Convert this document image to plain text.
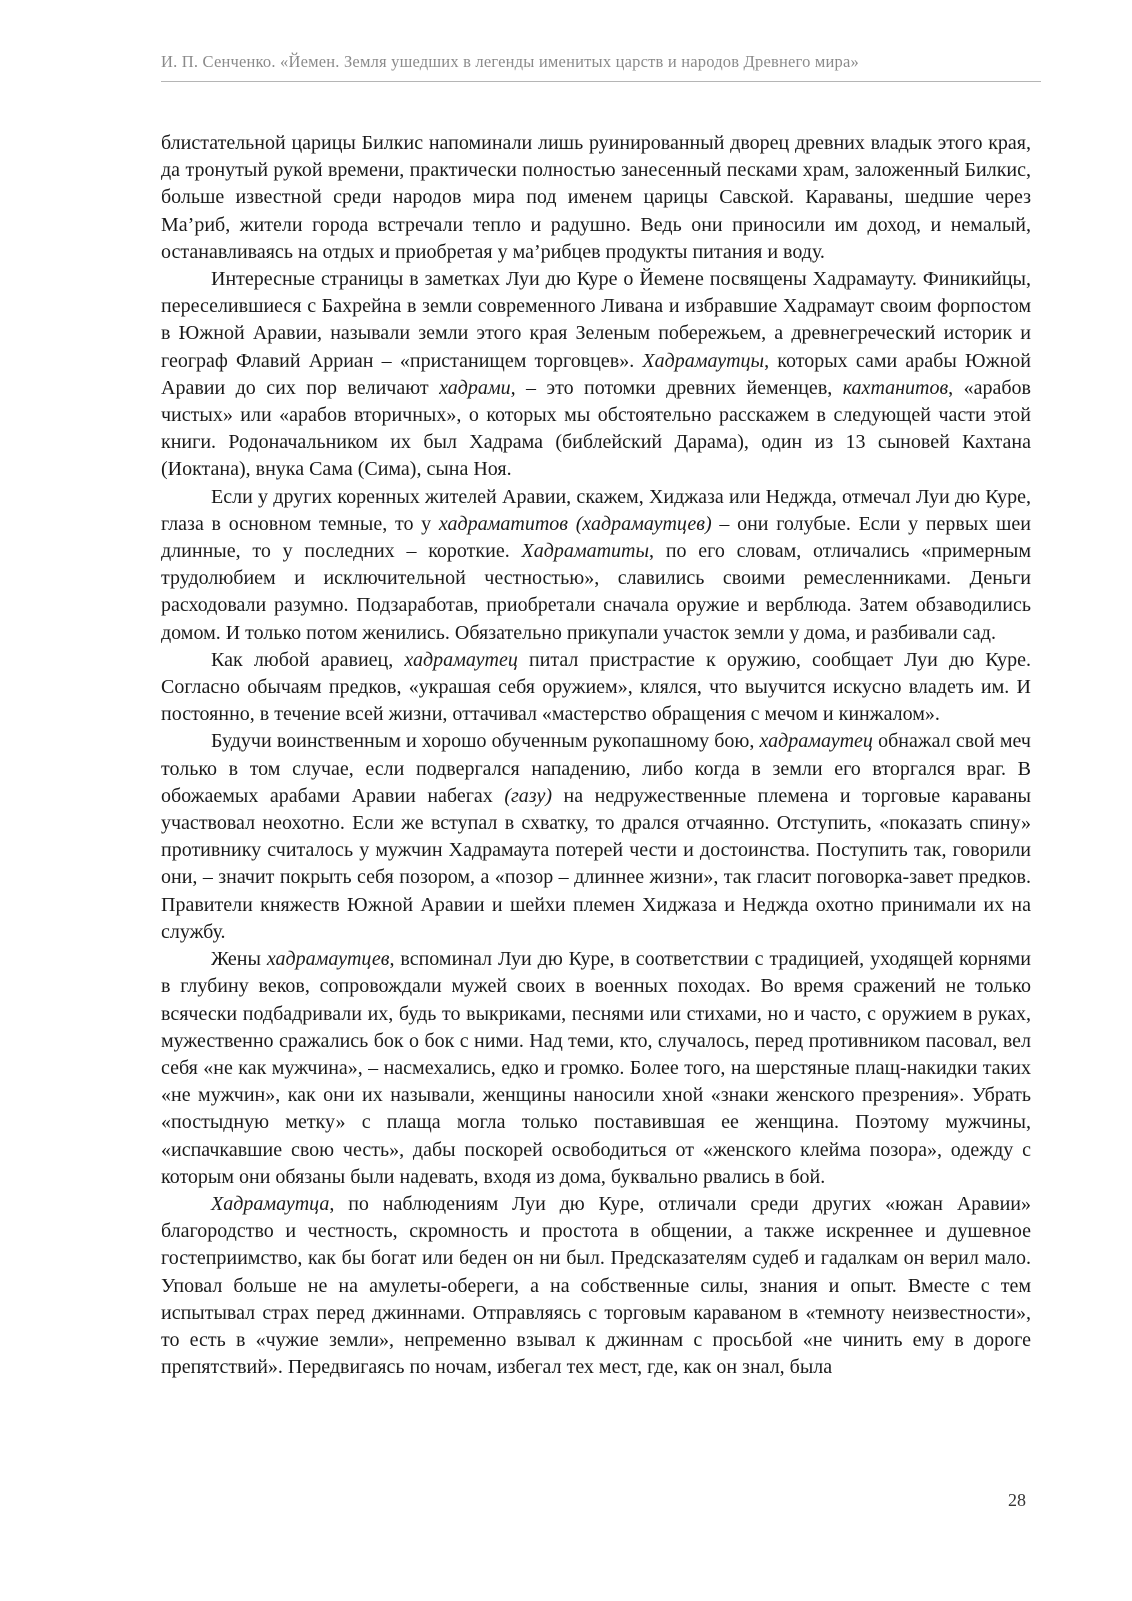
И. П. Сенченко. «Йемен. Земля ушедших в легенды именитых царств и народов Древнего мира»

блистательной царицы Билкис напоминали лишь руинированный дворец древних владык этого края, да тронутый рукой времени, практически полностью занесенный песками храм, заложенный Билкис, больше известной среди народов мира под именем царицы Савской. Караваны, шедшие через Ма’риб, жители города встречали тепло и радушно. Ведь они приносили им доход, и немалый, останавливаясь на отдых и приобретая у ма’рибцев продукты питания и воду.

Интересные страницы в заметках Луи дю Куре о Йемене посвящены Хадрамауту. Финикийцы, переселившиеся с Бахрейна в земли современного Ливана и избравшие Хадрамаут своим форпостом в Южной Аравии, называли земли этого края Зеленым побережьем, а древнегреческий историк и географ Флавий Арриан – «пристанищем торговцев». Хадрамаутцы, которых сами арабы Южной Аравии до сих пор величают хадрами, – это потомки древних йеменцев, кахтанитов, «арабов чистых» или «арабов вторичных», о которых мы обстоятельно расскажем в следующей части этой книги. Родоначальником их был Хадрама (библейский Дарама), один из 13 сыновей Кахтана (Иоктана), внука Сама (Сима), сына Ноя.

Если у других коренных жителей Аравии, скажем, Хиджаза или Неджда, отмечал Луи дю Куре, глаза в основном темные, то у хадраматитов (хадрамаутцев) – они голубые. Если у первых шеи длинные, то у последних – короткие. Хадраматиты, по его словам, отличались «примерным трудолюбием и исключительной честностью», славились своими ремесленниками. Деньги расходовали разумно. Подзаработав, приобретали сначала оружие и верблюда. Затем обзаводились домом. И только потом женились. Обязательно прикупали участок земли у дома, и разбивали сад.

Как любой аравиец, хадрамаутец питал пристрастие к оружию, сообщает Луи дю Куре. Согласно обычаям предков, «украшая себя оружием», клялся, что выучится искусно владеть им. И постоянно, в течение всей жизни, оттачивал «мастерство обращения с мечом и кинжалом».

Будучи воинственным и хорошо обученным рукопашному бою, хадрамаутец обнажал свой меч только в том случае, если подвергался нападению, либо когда в земли его вторгался враг. В обожаемых арабами Аравии набегах (газу) на недружественные племена и торговые караваны участвовал неохотно. Если же вступал в схватку, то дрался отчаянно. Отступить, «показать спину» противнику считалось у мужчин Хадрамаута потерей чести и достоинства. Поступить так, говорили они, – значит покрыть себя позором, а «позор – длиннее жизни», так гласит поговорка-завет предков. Правители княжеств Южной Аравии и шейхи племен Хиджаза и Неджда охотно принимали их на службу.

Жены хадрамаутцев, вспоминал Луи дю Куре, в соответствии с традицией, уходящей корнями в глубину веков, сопровождали мужей своих в военных походах. Во время сражений не только всячески подбадривали их, будь то выкриками, песнями или стихами, но и часто, с оружием в руках, мужественно сражались бок о бок с ними. Над теми, кто, случалось, перед противником пасовал, вел себя «не как мужчина», – насмехались, едко и громко. Более того, на шерстяные плащ-накидки таких «не мужчин», как они их называли, женщины наносили хной «знаки женского презрения». Убрать «постыдную метку» с плаща могла только поставившая ее женщина. Поэтому мужчины, «испачкавшие свою честь», дабы поскорей освободиться от «женского клейма позора», одежду с которым они обязаны были надевать, входя из дома, буквально рвались в бой.

Хадрамаутца, по наблюдениям Луи дю Куре, отличали среди других «южан Аравии» благородство и честность, скромность и простота в общении, а также искреннее и душевное гостеприимство, как бы богат или беден он ни был. Предсказателям судеб и гадалкам он верил мало. Уповал больше не на амулеты-обереги, а на собственные силы, знания и опыт. Вместе с тем испытывал страх перед джиннами. Отправляясь с торговым караваном в «темноту неизвестности», то есть в «чужие земли», непременно взывал к джиннам с просьбой «не чинить ему в дороге препятствий». Передвигаясь по ночам, избегал тех мест, где, как он знал, была

28
